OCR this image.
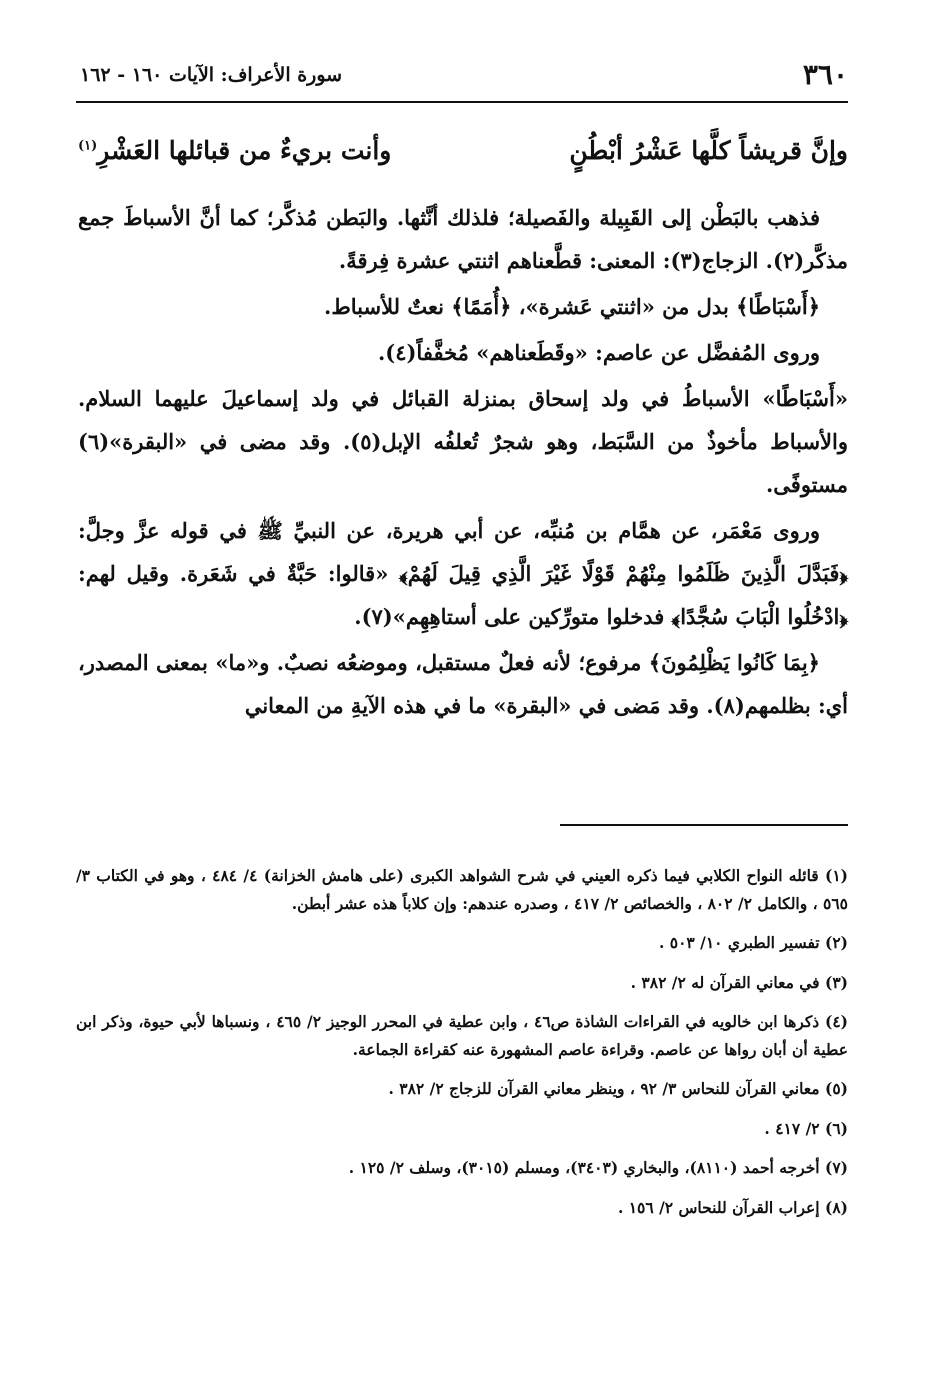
٣٦٠
سورة الأعراف: الآيات ١٦٠ - ١٦٢
وإنَّ قريشاً كلَّها عَشْرُ أبْطُنٍ
وأنت بريءٌ من قبائلها العَشْرِ$^{(١)}$

فذهب بالبَطْن إلى القَبِيلة والفَصيلة؛ فلذلك أنَّثها. والبَطن مُذكَّر؛ كما أنَّ الأسباطَ جمع مذكَّر(٢). الزجاج(٣): المعنى: قطَّعناهم اثنتي عشرة فِرقةً.

﴿أَسْبَاطًا﴾ بدل من «اثنتي عَشرة»، ﴿أُمَمًا﴾ نعتٌ للأسباط.

وروى المُفضَّل عن عاصم: «وقَطَعناهم» مُخفَّفاً(٤).

«أَسْبَاطًا» الأسباطُ في ولد إسحاق بمنزلة القبائل في ولد إسماعيلَ عليهما السلام. والأسباط مأخوذٌ من السَّبَط، وهو شجرٌ تُعلفُه الإبل(٥). وقد مضى في «البقرة»(٦) مستوفًى.

وروى مَعْمَر، عن همَّام بن مُنبِّه، عن أبي هريرة، عن النبيِّ ﷺ في قوله عزَّ وجلَّ: ﴿فَبَدَّلَ الَّذِينَ ظَلَمُوا مِنْهُمْ قَوْلًا غَيْرَ الَّذِي قِيلَ لَهُمْ﴾ «قالوا: حَبَّةٌ في شَعَرة. وقيل لهم: ﴿ادْخُلُوا الْبَابَ سُجَّدًا﴾ فدخلوا متورِّكين على أستاهِهِم»(٧).

﴿بِمَا كَانُوا يَظْلِمُونَ﴾ مرفوع؛ لأنه فعلٌ مستقبل، وموضعُه نصبٌ. و«ما» بمعنى المصدر، أي: بظلمهم(٨). وقد مَضى في «البقرة» ما في هذه الآيةِ من المعاني

(١) قائله النواح الكلابي فيما ذكره العيني في شرح الشواهد الكبرى (على هامش الخزانة) ٤/ ٤٨٤ ، وهو في الكتاب ٣/ ٥٦٥ ، والكامل ٢/ ٨٠٢ ، والخصائص ٢/ ٤١٧ ، وصدره عندهم: وإن كلاباً هذه عشر أبطن.

(٢) تفسير الطبري ١٠/ ٥٠٣ .

(٣) في معاني القرآن له ٢/ ٣٨٢ .

(٤) ذكرها ابن خالويه في القراءات الشاذة ص٤٦ ، وابن عطية في المحرر الوجيز ٢/ ٤٦٥ ، ونسباها لأبي حيوة، وذكر ابن عطية أن أبان رواها عن عاصم. وقراءة عاصم المشهورة عنه كقراءة الجماعة.

(٥) معاني القرآن للنحاس ٣/ ٩٢ ، وينظر معاني القرآن للزجاج ٢/ ٣٨٢ .

(٦) ٢/ ٤١٧ .

(٧) أخرجه أحمد (٨١١٠)، والبخاري (٣٤٠٣)، ومسلم (٣٠١٥)، وسلف ٢/ ١٢٥ .

(٨) إعراب القرآن للنحاس ٢/ ١٥٦ .
